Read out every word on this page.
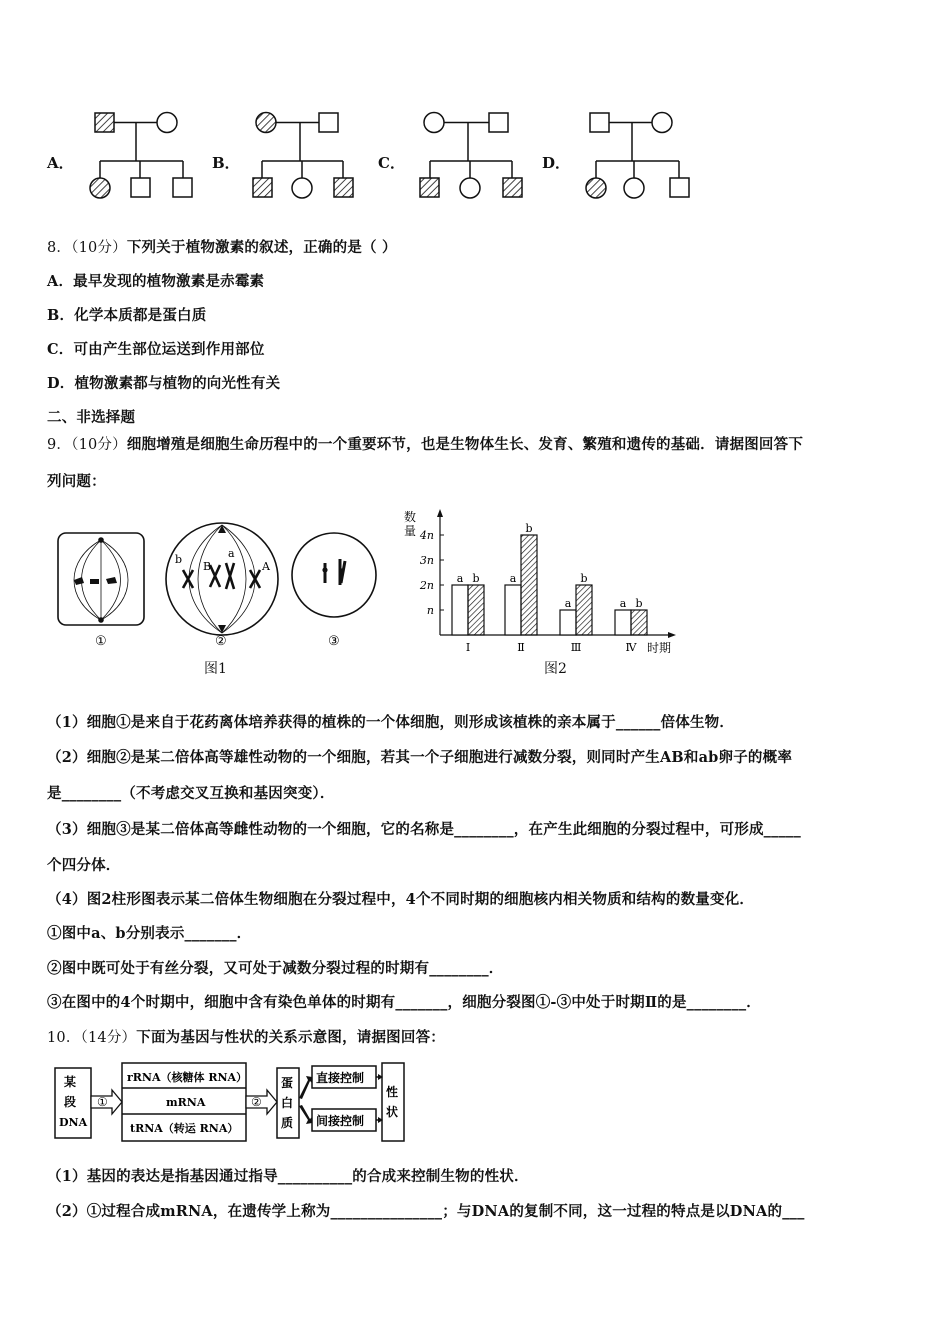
A．	B．	C．	D．
8．（10分）下列关于植物激素的叙述，正确的是（ ）
A．最早发现的植物激素是赤霉素
B．化学本质都是蛋白质
C．可由产生部位运送到作用部位
D．植物激素都与植物的向光性有关
二、非选择题
9．（10分）细胞增殖是细胞生命历程中的一个重要环节，也是生物体生长、发育、繁殖和遗传的基础．请据图回答下
列问题：
①
b
B
a
A
②	③
图1
数
量
时期
n
2n
3n
4n
a b
Ⅰ
a
b
Ⅱ
a
b
Ⅲ
a b
Ⅳ
图2
（1）细胞①是来自于花药离体培养获得的植株的一个体细胞，则形成该植株的亲本属于______倍体生物．
（2）细胞②是某二倍体高等雄性动物的一个细胞，若其一个子细胞进行减数分裂，则同时产生AB和ab卵子的概率
是________（不考虑交叉互换和基因突变）．
（3）细胞③是某二倍体高等雌性动物的一个细胞，它的名称是________，在产生此细胞的分裂过程中，可形成_____
个四分体．
（4）图2柱形图表示某二倍体生物细胞在分裂过程中，4个不同时期的细胞核内相关物质和结构的数量变化．
①图中a、b分别表示_______．
②图中既可处于有丝分裂，又可处于减数分裂过程的时期有________．
③在图中的4个时期中，细胞中含有染色单体的时期有_______，细胞分裂图①-③中处于时期Ⅱ的是________．
10．（14分）下面为基因与性状的关系示意图，请据图回答：
某
段
DNA
①
rRNA（核糖体 RNA）
mRNA
tRNA（转运 RNA）
②
蛋
白
质
直接控制
间接控制
性
状
（1）基因的表达是指基因通过指导__________的合成来控制生物的性状．
（2）①过程合成mRNA，在遗传学上称为_______________；与DNA的复制不同，这一过程的特点是以DNA的___
